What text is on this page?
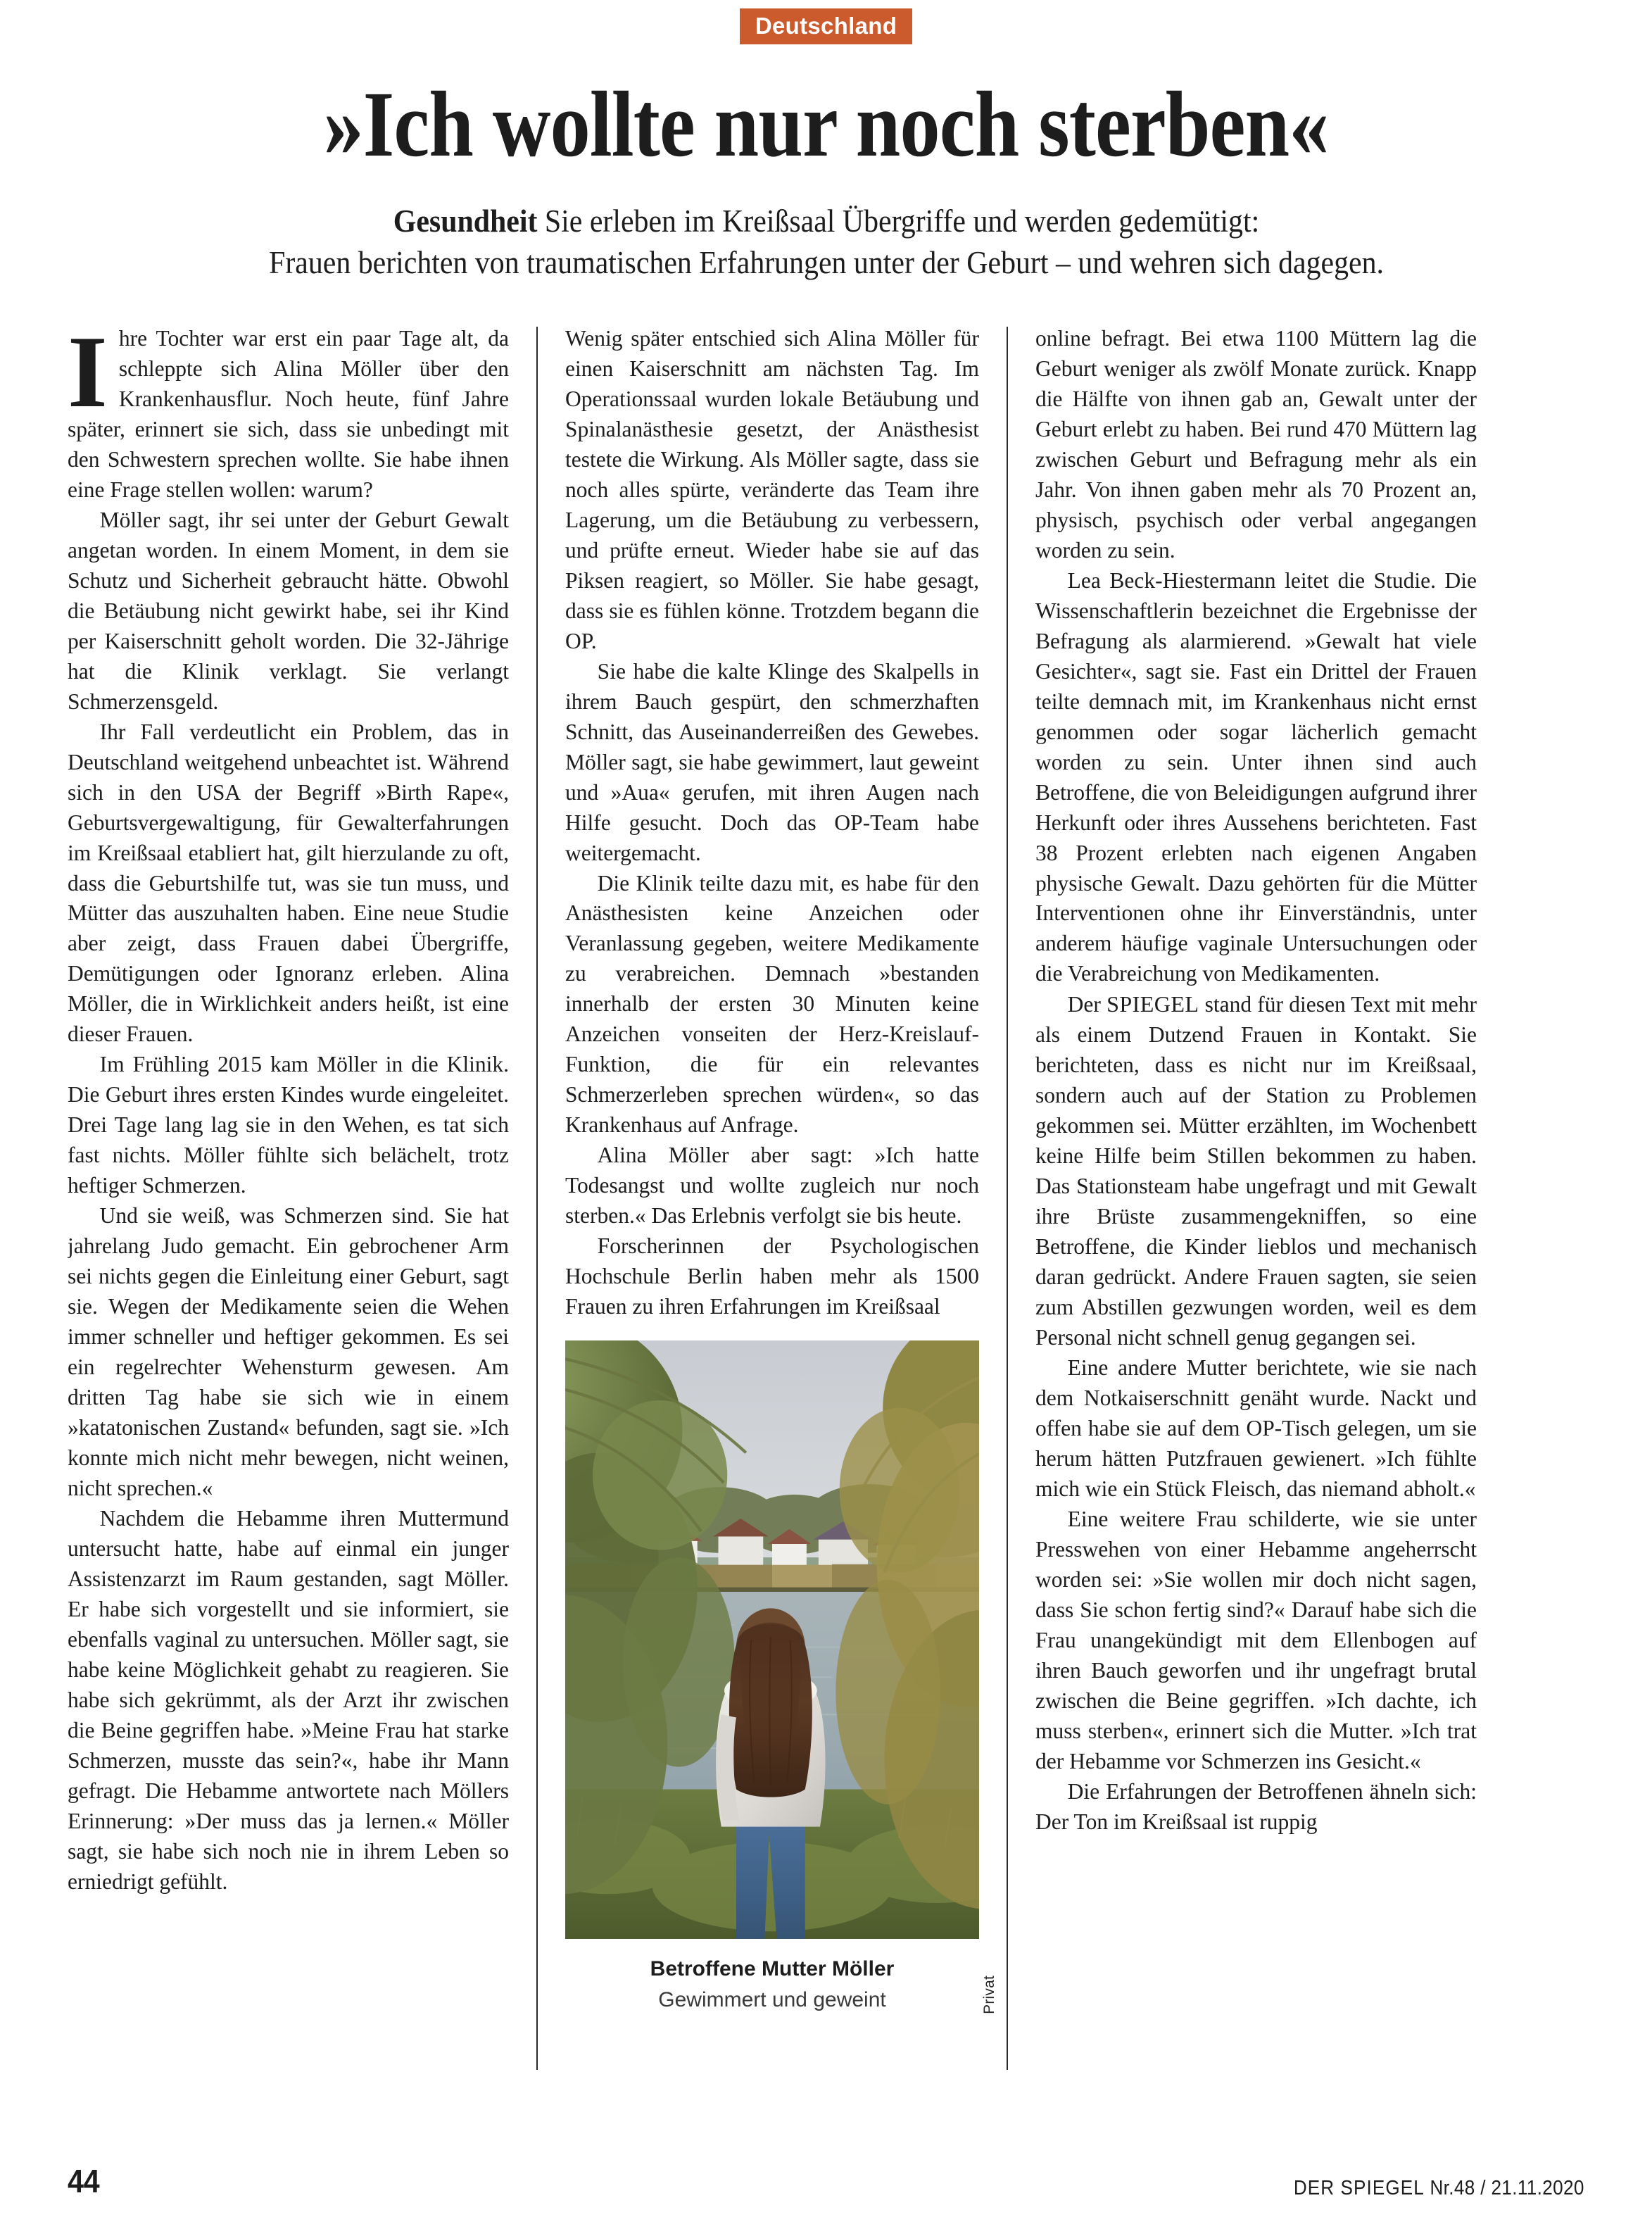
Deutschland
»Ich wollte nur noch sterben«
Gesundheit Sie erleben im Kreißsaal Übergriffe und werden gedemütigt:
Frauen berichten von traumatischen Erfahrungen unter der Geburt – und wehren sich dagegen.
I hre Tochter war erst ein paar Tage alt, da schleppte sich Alina Möller über den Krankenhausflur. Noch heute, fünf Jahre später, erinnert sie sich, dass sie unbedingt mit den Schwestern sprechen wollte. Sie habe ihnen eine Frage stellen wollen: warum?

Möller sagt, ihr sei unter der Geburt Gewalt angetan worden. In einem Moment, in dem sie Schutz und Sicherheit gebraucht hätte. Obwohl die Betäubung nicht gewirkt habe, sei ihr Kind per Kaiserschnitt geholt worden. Die 32-Jährige hat die Klinik verklagt. Sie verlangt Schmerzensgeld.

Ihr Fall verdeutlicht ein Problem, das in Deutschland weitgehend unbeachtet ist. Während sich in den USA der Begriff »Birth Rape«, Geburtsvergewaltigung, für Gewalterfahrungen im Kreißsaal etabliert hat, gilt hierzulande zu oft, dass die Geburtshilfe tut, was sie tun muss, und Mütter das auszuhalten haben. Eine neue Studie aber zeigt, dass Frauen dabei Übergriffe, Demütigungen oder Ignoranz erleben. Alina Möller, die in Wirklichkeit anders heißt, ist eine dieser Frauen.

Im Frühling 2015 kam Möller in die Klinik. Die Geburt ihres ersten Kindes wurde eingeleitet. Drei Tage lang lag sie in den Wehen, es tat sich fast nichts. Möller fühlte sich belächelt, trotz heftiger Schmerzen.

Und sie weiß, was Schmerzen sind. Sie hat jahrelang Judo gemacht. Ein gebrochener Arm sei nichts gegen die Einleitung einer Geburt, sagt sie. Wegen der Medikamente seien die Wehen immer schneller und heftiger gekommen. Es sei ein regelrechter Wehensturm gewesen. Am dritten Tag habe sie sich wie in einem »katatonischen Zustand« befunden, sagt sie. »Ich konnte mich nicht mehr bewegen, nicht weinen, nicht sprechen.«

Nachdem die Hebamme ihren Muttermund untersucht hatte, habe auf einmal ein junger Assistenzarzt im Raum gestanden, sagt Möller. Er habe sich vorgestellt und sie informiert, sie ebenfalls vaginal zu untersuchen. Möller sagt, sie habe keine Möglichkeit gehabt zu reagieren. Sie habe sich gekrümmt, als der Arzt ihr zwischen die Beine gegriffen habe. »Meine Frau hat starke Schmerzen, musste das sein?«, habe ihr Mann gefragt. Die Hebamme antwortete nach Möllers Erinnerung: »Der muss das ja lernen.« Möller sagt, sie habe sich noch nie in ihrem Leben so erniedrigt gefühlt.

Wenig später entschied sich Alina Möller für einen Kaiserschnitt am nächsten Tag. Im Operationssaal wurden lokale Betäubung und Spinalanästhesie gesetzt, der Anästhesist testete die Wirkung. Als Möller sagte, dass sie noch alles spürte, veränderte das Team ihre Lagerung, um die Betäubung zu verbessern, und prüfte erneut. Wieder habe sie auf das Piksen reagiert, so Möller. Sie habe gesagt, dass sie es fühlen könne. Trotzdem begann die OP.

Sie habe die kalte Klinge des Skalpells in ihrem Bauch gespürt, den schmerzhaften Schnitt, das Auseinanderreißen des Gewebes. Möller sagt, sie habe gewimmert, laut geweint und »Aua« gerufen, mit ihren Augen nach Hilfe gesucht. Doch das OP-Team habe weitergemacht.

Die Klinik teilte dazu mit, es habe für den Anästhesisten keine Anzeichen oder Veranlassung gegeben, weitere Medikamente zu verabreichen. Demnach »bestanden innerhalb der ersten 30 Minuten keine Anzeichen vonseiten der Herz-Kreislauf-Funktion, die für ein relevantes Schmerzerleben sprechen würden«, so das Krankenhaus auf Anfrage.

Alina Möller aber sagt: »Ich hatte Todesangst und wollte zugleich nur noch sterben.« Das Erlebnis verfolgt sie bis heute.

Forscherinnen der Psychologischen Hochschule Berlin haben mehr als 1500 Frauen zu ihren Erfahrungen im Kreißsaal

Privat
Betroffene Mutter Möller
Gewimmert und geweint

online befragt. Bei etwa 1100 Müttern lag die Geburt weniger als zwölf Monate zurück. Knapp die Hälfte von ihnen gab an, Gewalt unter der Geburt erlebt zu haben. Bei rund 470 Müttern lag zwischen Geburt und Befragung mehr als ein Jahr. Von ihnen gaben mehr als 70 Prozent an, physisch, psychisch oder verbal angegangen worden zu sein.

Lea Beck-Hiestermann leitet die Studie. Die Wissenschaftlerin bezeichnet die Ergebnisse der Befragung als alarmierend. »Gewalt hat viele Gesichter«, sagt sie. Fast ein Drittel der Frauen teilte demnach mit, im Krankenhaus nicht ernst genommen oder sogar lächerlich gemacht worden zu sein. Unter ihnen sind auch Betroffene, die von Beleidigungen aufgrund ihrer Herkunft oder ihres Aussehens berichteten. Fast 38 Prozent erlebten nach eigenen Angaben physische Gewalt. Dazu gehörten für die Mütter Interventionen ohne ihr Einverständnis, unter anderem häufige vaginale Untersuchungen oder die Verabreichung von Medikamenten.

Der SPIEGEL stand für diesen Text mit mehr als einem Dutzend Frauen in Kontakt. Sie berichteten, dass es nicht nur im Kreißsaal, sondern auch auf der Station zu Problemen gekommen sei. Mütter erzählten, im Wochenbett keine Hilfe beim Stillen bekommen zu haben. Das Stationsteam habe ungefragt und mit Gewalt ihre Brüste zusammengekniffen, so eine Betroffene, die Kinder lieblos und mechanisch daran gedrückt. Andere Frauen sagten, sie seien zum Abstillen gezwungen worden, weil es dem Personal nicht schnell genug gegangen sei.

Eine andere Mutter berichtete, wie sie nach dem Notkaiserschnitt genäht wurde. Nackt und offen habe sie auf dem OP-Tisch gelegen, um sie herum hätten Putzfrauen gewienert. »Ich fühlte mich wie ein Stück Fleisch, das niemand abholt.«

Eine weitere Frau schilderte, wie sie unter Presswehen von einer Hebamme angeherrscht worden sei: »Sie wollen mir doch nicht sagen, dass Sie schon fertig sind?« Darauf habe sich die Frau unangekündigt mit dem Ellenbogen auf ihren Bauch geworfen und ihr ungefragt brutal zwischen die Beine gegriffen. »Ich dachte, ich muss sterben«, erinnert sich die Mutter. »Ich trat der Hebamme vor Schmerzen ins Gesicht.«

Die Erfahrungen der Betroffenen ähneln sich: Der Ton im Kreißsaal ist ruppig

44	DER SPIEGEL Nr.48 / 21.11.2020
